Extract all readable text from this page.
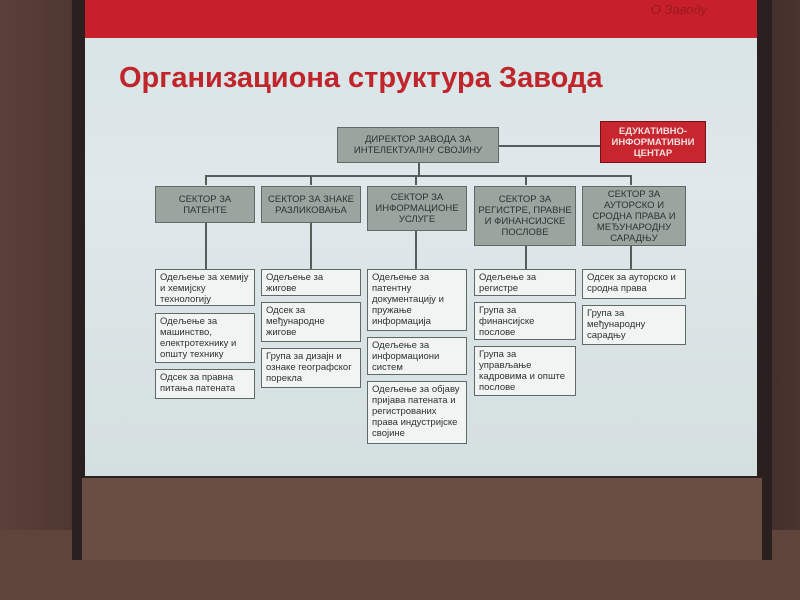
О Заводу
Организациона структура Завода
ДИРЕКТОР ЗАВОДА ЗА ИНТЕЛЕКТУАЛНУ СВОЈИНУ
ЕДУКАТИВНО-ИНФОРМАТИВНИ ЦЕНТАР
СЕКТОР ЗА ПАТЕНТЕ
СЕКТОР ЗА ЗНАКЕ РАЗЛИКОВАЊА
СЕКТОР ЗА ИНФОРМАЦИОНЕ УСЛУГЕ
СЕКТОР ЗА РЕГИСТРЕ, ПРАВНЕ И ФИНАНСИЈСКЕ ПОСЛОВЕ
СЕКТОР ЗА АУТОРСКО И СРОДНА ПРАВА И МЕЂУНАРОДНУ САРАДЊУ
Одељење за хемију и хемијску технологију
Одељење за машинство, електротехнику и општу технику
Одсек за правна питања патената
Одељење за жигове
Одсек за међународне жигове
Група за дизајн и ознаке географског порекла
Одељење за патентну документацију и пружање информација
Одељење за информациони систем
Одељење за објаву пријава патената и регистрованих права индустријске својине
Одељење за регистре
Група за финансијске послове
Група за управљање кадровима и опште послове
Одсек за ауторско и сродна права
Група за међународну сарадњу
